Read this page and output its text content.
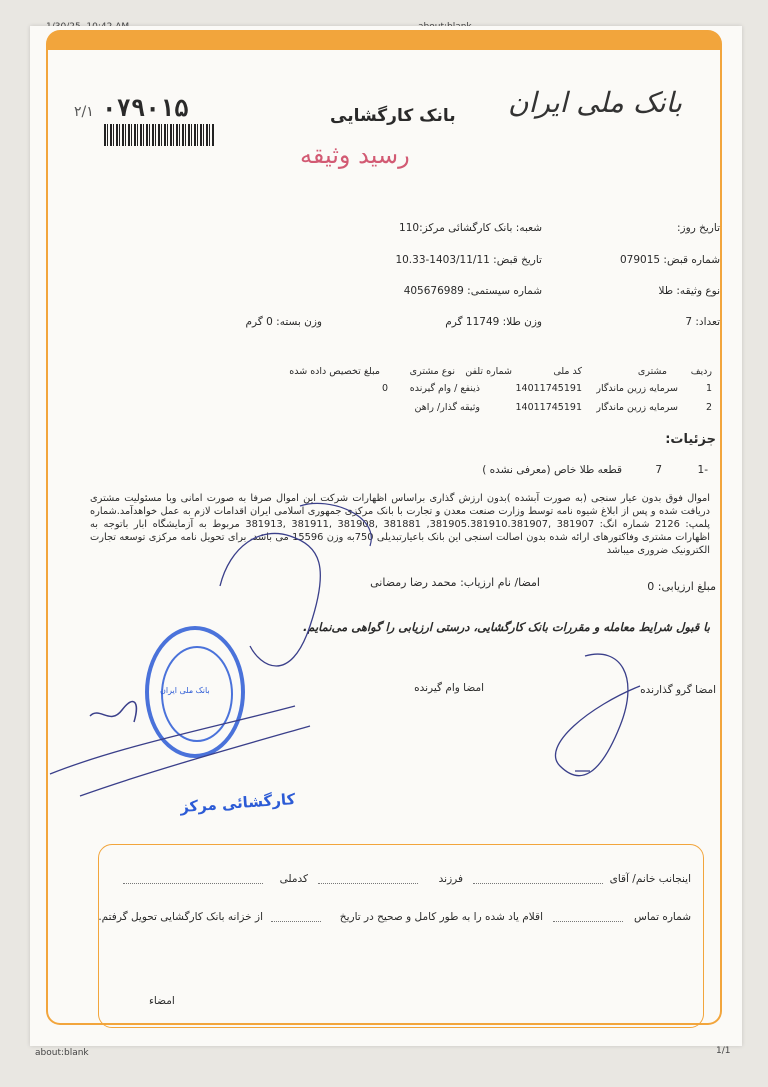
بانک ملی ایران
بانک کارگشایی
رسید وثیقه
۲/۱ ۰۷۹۰۱۵
تاریخ روز:
شعبه: بانک کارگشائی مرکز:110
شماره قبض: 079015
تاریخ قبض: 1403/11/11-10.33
نوع وثیقه: طلا
شماره سیستمی: 405676989
تعداد: 7
وزن طلا: 11749 گرم
وزن بسته: 0 گرم
ردیف
مشتری
کد ملی
شماره تلفن
نوع مشتری
مبلغ تخصیص داده شده
1
سرمایه زرین ماندگار
14011745191
ذینفع / وام گیرنده
0
2
سرمایه زرین ماندگار
14011745191
وثیقه گذار/ راهن
جزئیات:
-1
7
قطعه طلا خاص (معرفی نشده )
اموال فوق بدون عیار سنجی (به صورت آبشده )بدون ارزش گذاری براساس اظهارات شرکت این اموال صرفا به صورت امانی وبا مسئولیت مشتری دریافت شده و پس از ابلاغ شیوه نامه توسط وزارت صنعت معدن و تجارت با بانک مرکزی جمهوری اسلامی ایران اقدامات لازم به عمل خواهدآمد.شماره پلمپ: 2126 شماره انگ: 381907 ,381905.381910.381907, 381881 ,381908 ,381911 ,381913 مربوط به آزمایشگاه ابار باتوجه به اظهارات مشتری وفاکتورهای ارائه شده بدون اصالت اسنجی این بانک باعیارتبدیلی 750به وزن 15596 می باشد. برای تحویل نامه مرکزی توسعه تجارت الکترونیک ضروری میباشد
مبلغ ارزیابی: 0
امضا/ نام ارزیاب: محمد رضا رمضانی
با قبول شرایط معامله و مقررات بانک کارگشایی، درستی ارزیابی را گواهی می‌نمایم.
امضا گرو گذارنده
امضا وام گیرنده
بانک ملی ایران
کارگشائی مرکز
اینجانب خانم/ آقای
فرزند
کدملی
شماره تماس
اقلام یاد شده را به طور کامل و صحیح در تاریخ
از خزانه بانک کارگشایی تحویل گرفتم.
امضاء
about:blank	1/1
